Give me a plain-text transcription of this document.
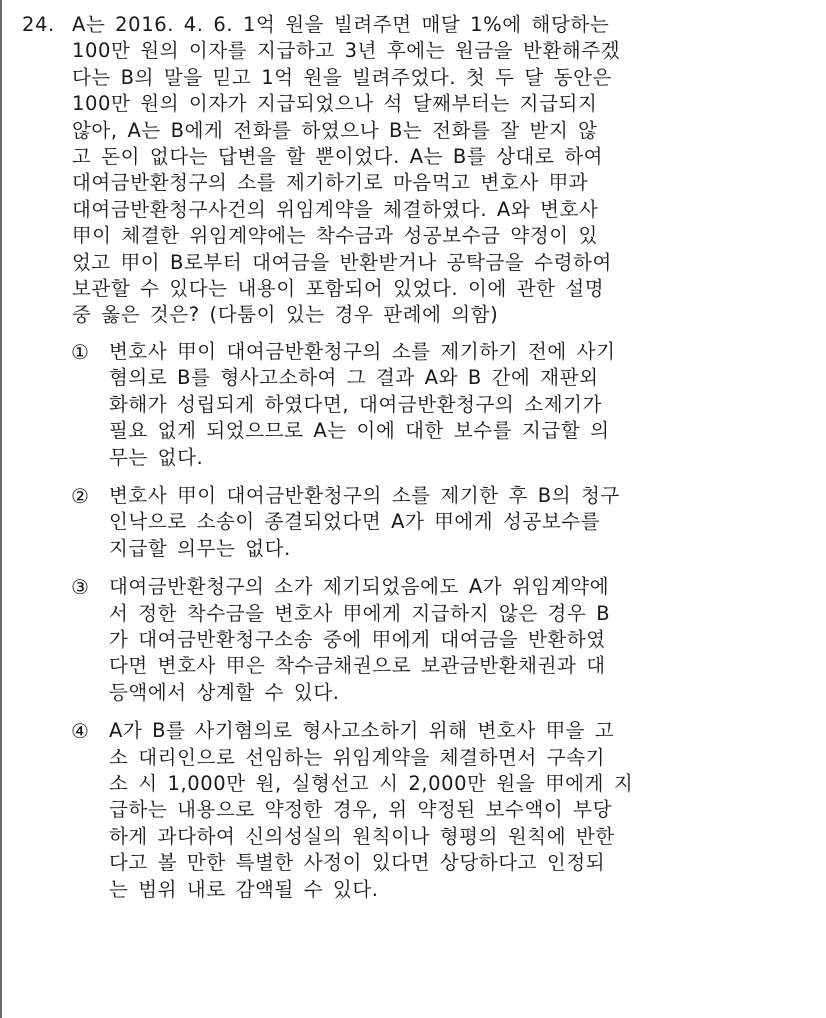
24. A는 2016. 4. 6. 1억 원을 빌려주면 매달 1%에 해당하는
100만 원의 이자를 지급하고 3년 후에는 원금을 반환해주겠
다는 B의 말을 믿고 1억 원을 빌려주었다. 첫 두 달 동안은
100만 원의 이자가 지급되었으나 석 달째부터는 지급되지
않아, A는 B에게 전화를 하였으나 B는 전화를 잘 받지 않
고 돈이 없다는 답변을 할 뿐이었다. A는 B를 상대로 하여
대여금반환청구의 소를 제기하기로 마음먹고 변호사 甲과
대여금반환청구사건의 위임계약을 체결하였다. A와 변호사
甲이 체결한 위임계약에는 착수금과 성공보수금 약정이 있
었고 甲이 B로부터 대여금을 반환받거나 공탁금을 수령하여
보관할 수 있다는 내용이 포함되어 있었다. 이에 관한 설명
중 옳은 것은? (다툼이 있는 경우 판례에 의함)
① 변호사 甲이 대여금반환청구의 소를 제기하기 전에 사기
혐의로 B를 형사고소하여 그 결과 A와 B 간에 재판외
화해가 성립되게 하였다면, 대여금반환청구의 소제기가
필요 없게 되었으므로 A는 이에 대한 보수를 지급할 의
무는 없다.
② 변호사 甲이 대여금반환청구의 소를 제기한 후 B의 청구
인낙으로 소송이 종결되었다면 A가 甲에게 성공보수를
지급할 의무는 없다.
③ 대여금반환청구의 소가 제기되었음에도 A가 위임계약에
서 정한 착수금을 변호사 甲에게 지급하지 않은 경우 B
가 대여금반환청구소송 중에 甲에게 대여금을 반환하였
다면 변호사 甲은 착수금채권으로 보관금반환채권과 대
등액에서 상계할 수 있다.
④ A가 B를 사기혐의로 형사고소하기 위해 변호사 甲을 고
소 대리인으로 선임하는 위임계약을 체결하면서 구속기
소 시 1,000만 원, 실형선고 시 2,000만 원을 甲에게 지
급하는 내용으로 약정한 경우, 위 약정된 보수액이 부당
하게 과다하여 신의성실의 원칙이나 형평의 원칙에 반한
다고 볼 만한 특별한 사정이 있다면 상당하다고 인정되
는 범위 내로 감액될 수 있다.
